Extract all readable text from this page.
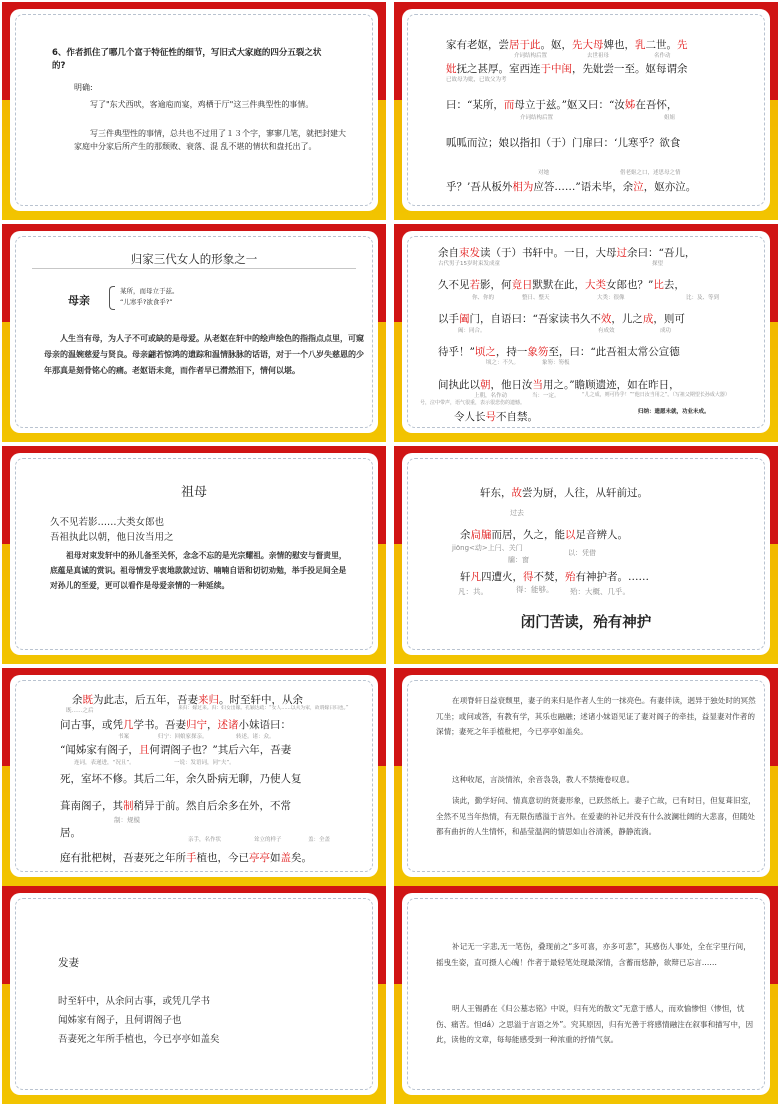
6、作者抓住了哪几个富于特征性的细节，写旧式大家庭的四分五裂之状的?
明确:
写了"东犬西吠，客逾庖而宴，鸡栖于厅"这三件典型性的事情。
写三件典型性的事情，总共也不过用了１３个字，寥寥几笔，就把封建大家庭中分家后所产生的那颓败、衰落、混 乱不堪的情状和盘托出了。
家有老妪，尝居于此。妪，先大母婢也，乳二世。先
介词结构后置	去世祖母	名作动
妣抚之甚厚。室西连于中闺，先妣尝一至。妪每谓余
已故母为妣，已故父为考
曰：“某所，而母立于兹。”妪又曰：“汝姊在吾怀，
介词结构后置	姐姐
呱呱而泣；娘以指扣（于）门扉曰：‘儿寒乎？欲食
对她	借老妪之口，述思母之情
乎？’吾从板外相为应答……”语未毕，余泣，妪亦泣。
归家三代女人的形象之一
母亲
某所，而母立于兹。
“儿寒乎?欲食乎?”
人生当有母，为人子不可或缺的是母爱。从老妪在轩中的绘声绘色的指指点点里，可窥母亲的温婉慈爱与贤良。母亲翩若惊鸿的遗踪和温情脉脉的话语，对于一个八岁失慈恩的少年那真是刻骨铭心的痛。老妪语未竟，而作者早已潸然泪下，情何以堪。
余自束发读（于）书轩中。一日，大母过余曰：“吾儿，
古代男子15岁时束发成童	探望
久不见若影，何竟日默默在此，大类女郎也？”比去，
你、你的	整日、整天	大类：很像	比：及、等到
以手阖门，自语曰：“吾家读书久不效，儿之成，则可
阖：同合。	有成效	成功
待乎！”顷之，持一象笏至，曰：“此吾祖太常公宣德
顷之：不久。	象笏：笏板
间执此以朝，他日汝当用之。”瞻顾遗迹，如在昨日，
上朝，名作动	当：一定。	“儿之成，则可待乎！”“他日汝当用之”。（写祖父期望长孙成大器）
号，泣中带声，语气很重，表示很悲伤的遗憾。
归纳：遗愿未就，功业未成。
令人长号不自禁。
祖母
久不见若影……大类女郎也
吾祖执此以朝，他日汝当用之
祖母对束发轩中的孙儿备至关怀，念念不忘的是光宗耀祖。亲情的慰安与督责里，底蕴是真诚的赏识。祖母情发乎衷地款款过访、喃喃自语和切切劝勉，举手投足间全是对孙儿的至爱，更可以看作是母爱亲情的一种延续。
轩东，故尝为厨，人往，从轩前过。
过去
余扃牖而居，久之，能以足音辨人。
jiōng<动>上闩、关门
以：凭借
牖：窗
轩凡四遭火，得不焚，殆有神护者。……
凡：共。	得：能够。 殆：大概、几乎。
闭门苦读，殆有神护
余既为此志，后五年，吾妻来归。时至轩中，从余
既……之后	来归：嫁过来。归：妇女出嫁。孔颖达疏：“女人……以夫为家，故谓嫁曰归也。”
问古事，或凭几学书。吾妻归宁，述诸小妹语曰：
书案	归宁：回娘家探亲。	转述。诸：众。
“闻姊家有阁子，且何谓阁子也？”其后六年，吾妻
连词，表递进，“况且”。	一说：发语词，同“夫”。
死，室坏不修。其后二年，余久卧病无聊，乃使人复
葺南阁子，其制稍异于前。然自后余多在外，不常
制：规模
居。
亲手，名作状	耸立的样子	盖：全盖
庭有批杷树，吾妻死之年所手植也，今已亭亭如盖矣。
在项脊轩日益衰颓里，妻子的来归是作者人生的一抹亮色。有妻伴读，迥异于独处时的冥然兀坐；或问或答，有教有学，其乐也融融；述诸小妹语见证了妻对阁子的牵挂，益显妻对作者的深情；妻死之年手植枇杷，今已亭亭如盖矣。
这种收尾，言淡情浓，余音袅袅，教人不禁掩卷叹息。
读此，勤学好问、情真意切的贤妻形象，已跃然纸上。妻子亡故，已有时日，但复葺旧室，全然不见当年热情，有无限伤感溢于言外。在爱妻的补记并没有什么波澜壮阔的大悲喜，但随处都有曲折的人生情怀，和晶莹温润的情思如山谷清溪，静静流淌。
发妻
时至轩中，从余问古事，或凭几学书
闻姊家有阁子，且何谓阁子也
吾妻死之年所手植也，今已亭亭如盖矣
补记无一字悲,无一笔伤，叠现前之“多可喜，亦多可悲”，其感伤人事处，全在字里行间，摇曳生姿，直可摄人心魄！作者于最轻笔处现最深情，含蓄而悠静，欲辩已忘言……
明人王锡爵在《归公墓志铭》中说，归有光的散文“无意于感人，而欢愉惨怛（惨怛，忧伤、痛苦。怛dá）之思溢于言语之外”。究其原因，归有光善于将感情融注在叙事和描写中，因此，读他的文章，每每能感受到一种浓重的抒情气氛。
